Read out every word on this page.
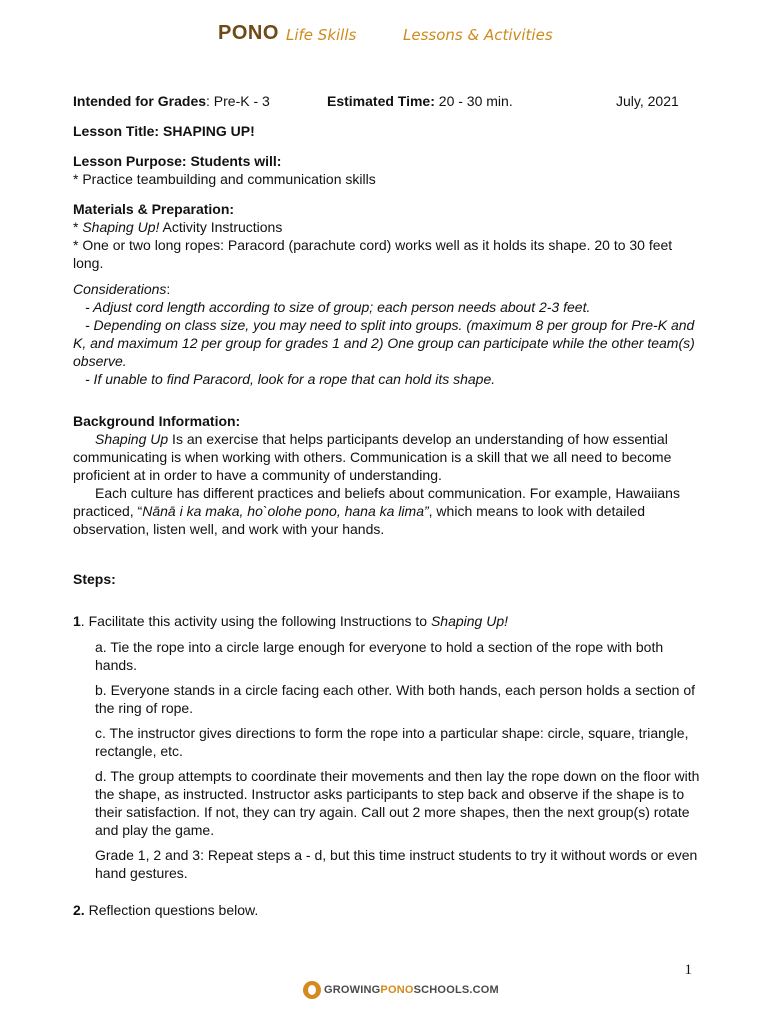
PONO Life Skills	Lessons & Activities
Intended for Grades: Pre-K - 3	Estimated Time: 20 - 30 min.	July, 2021

Lesson Title: SHAPING UP!

Lesson Purpose: Students will:

* Practice teambuilding and communication skills

Materials & Preparation:

* Shaping Up! Activity Instructions

* One or two long ropes: Paracord (parachute cord) works well as it holds its shape. 20 to 30 feet long.

Considerations:

- Adjust cord length according to size of group; each person needs about 2-3 feet.

- Depending on class size, you may need to split into groups. (maximum 8 per group for Pre-K and K, and maximum 12 per group for grades 1 and 2) One group can participate while the other team(s) observe.

- If unable to find Paracord, look for a rope that can hold its shape.

Background Information:

Shaping Up Is an exercise that helps participants develop an understanding of how essential communicating is when working with others. Communication is a skill that we all need to become proficient at in order to have a community of understanding.

Each culture has different practices and beliefs about communication. For example, Hawaiians practiced, “Nānā i ka maka, ho`olohe pono, hana ka lima”, which means to look with detailed observation, listen well, and work with your hands.

Steps:

1. Facilitate this activity using the following Instructions to Shaping Up!

a. Tie the rope into a circle large enough for everyone to hold a section of the rope with both hands.

b. Everyone stands in a circle facing each other. With both hands, each person holds a section of the ring of rope.

c. The instructor gives directions to form the rope into a particular shape: circle, square, triangle, rectangle, etc.

d. The group attempts to coordinate their movements and then lay the rope down on the floor with the shape, as instructed. Instructor asks participants to step back and observe if the shape is to their satisfaction. If not, they can try again. Call out 2 more shapes, then the next group(s) rotate and play the game.

Grade 1, 2 and 3: Repeat steps a - d, but this time instruct students to try it without words or even hand gestures.

2. Reflection questions below.

1
GROWINGPONOSCHOOLS.COM
